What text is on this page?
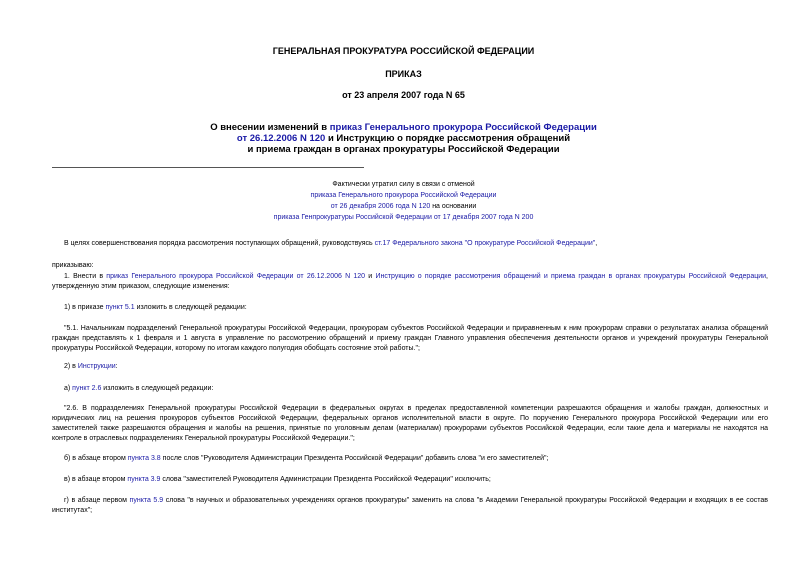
ГЕНЕРАЛЬНАЯ ПРОКУРАТУРА РОССИЙСКОЙ ФЕДЕРАЦИИ
ПРИКАЗ
от 23 апреля 2007 года N 65
О внесении изменений в приказ Генерального прокурора Российской Федерации
от 26.12.2006 N 120 и Инструкцию о порядке рассмотрения обращений
и приема граждан в органах прокуратуры Российской Федерации
Фактически утратил силу в связи с отменой
приказа Генерального прокурора Российской Федерации
от 26 декабря 2006 года N 120 на основании
приказа Генпрокуратуры Российской Федерации от 17 декабря 2007 года N 200
В целях совершенствования порядка рассмотрения поступающих обращений, руководствуясь ст.17 Федерального закона "О прокуратуре Российской Федерации",
приказываю:
1. Внести в приказ Генерального прокурора Российской Федерации от 26.12.2006 N 120 и Инструкцию о порядке рассмотрения обращений и приема граждан в органах прокуратуры Российской Федерации, утвержденную этим приказом, следующие изменения:
1) в приказе пункт 5.1 изложить в следующей редакции:
"5.1. Начальникам подразделений Генеральной прокуратуры Российской Федерации, прокурорам субъектов Российской Федерации и приравненным к ним прокурорам справки о результатах анализа обращений граждан представлять к 1 февраля и 1 августа в управление по рассмотрению обращений и приему граждан Главного управления обеспечения деятельности органов и учреждений прокуратуры Генеральной прокуратуры Российской Федерации, которому по итогам каждого полугодия обобщать состояние этой работы.";
2) в Инструкции:
а) пункт 2.6 изложить в следующей редакции:
"2.6. В подразделениях Генеральной прокуратуры Российской Федерации в федеральных округах в пределах предоставленной компетенции разрешаются обращения и жалобы граждан, должностных и юридических лиц на решения прокуроров субъектов Российской Федерации, федеральных органов исполнительной власти в округе. По поручению Генерального прокурора Российской Федерации или его заместителей также разрешаются обращения и жалобы на решения, принятые по уголовным делам (материалам) прокурорами субъектов Российской Федерации, если такие дела и материалы не находятся на контроле в отраслевых подразделениях Генеральной прокуратуры Российской Федерации.";
б) в абзаце втором пункта 3.8 после слов "Руководителя Администрации Президента Российской Федерации" добавить слова "и его заместителей";
в) в абзаце втором пункта 3.9 слова "заместителей Руководителя Администрации Президента Российской Федерации" исключить;
г) в абзаце первом пункта 5.9 слова "в научных и образовательных учреждениях органов прокуратуры" заменить на слова "в Академии Генеральной прокуратуры Российской Федерации и входящих в ее состав институтах";
